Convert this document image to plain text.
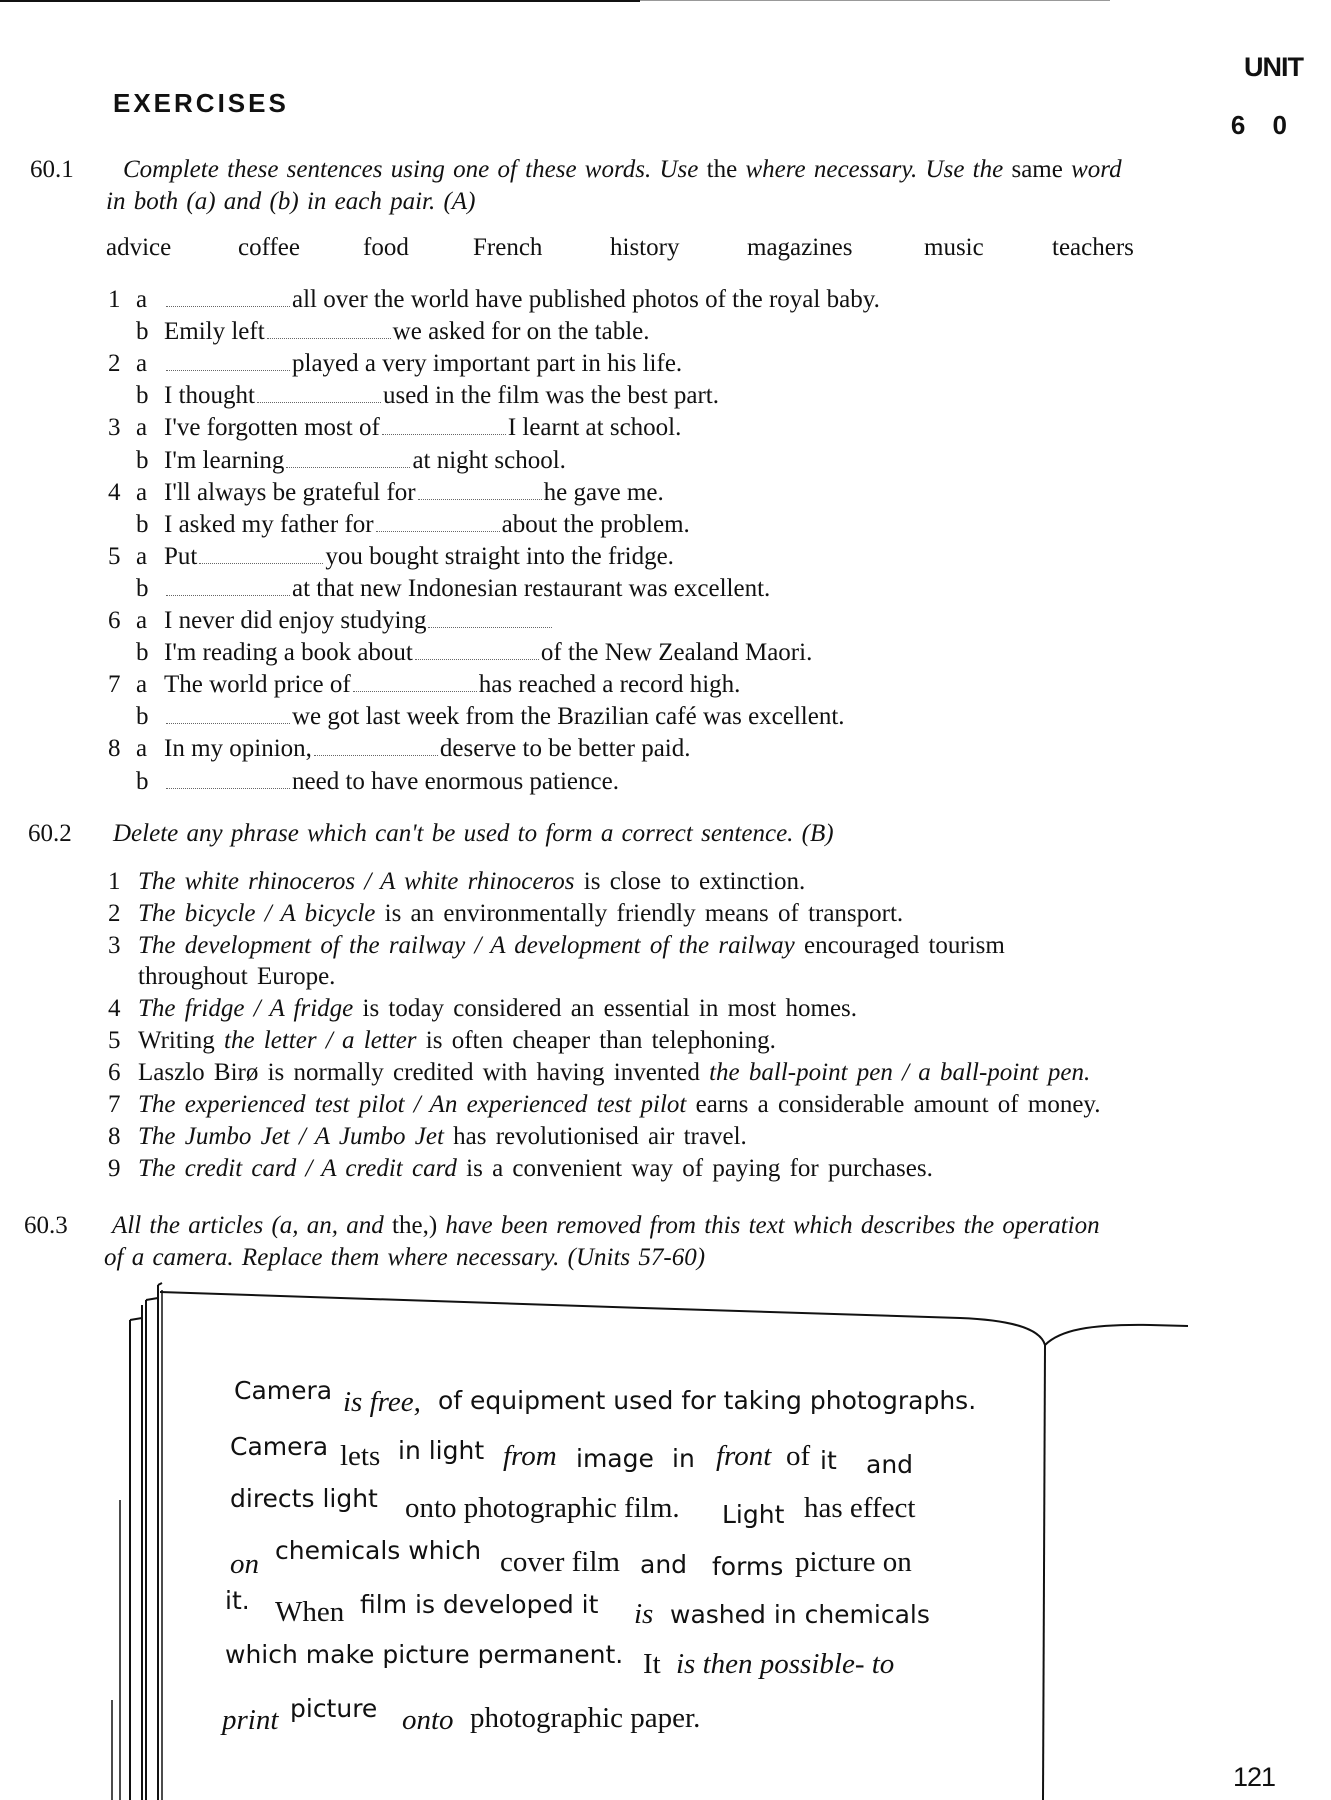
UNIT
6 0
EXERCISES
60.1 Complete these sentences using one of these words. Use the where necessary. Use the same word
in both (a) and (b) in each pair. (A)
advice	coffee	food	French	history	magazines	music	teachers
1 a	all over the world have published photos of the royal baby.
b Emily left	we asked for on the table.
2 a	played a very important part in his life.
b I thought	used in the film was the best part.
3 a I've forgotten most of	I learnt at school.
b I'm learning	at night school.
4 a I'll always be grateful for	he gave me.
b I asked my father for	about the problem.
5 a Put	you bought straight into the fridge.
b	at that new Indonesian restaurant was excellent.
6 a I never did enjoy studying
b I'm reading a book about	of the New Zealand Maori.
7 a The world price of	has reached a record high.
b	we got last week from the Brazilian café was excellent.
8 a In my opinion,	deserve to be better paid.
b	need to have enormous patience.
60.2 Delete any phrase which can't be used to form a correct sentence. (B)
1 The white rhinoceros / A white rhinoceros is close to extinction.
2 The bicycle / A bicycle is an environmentally friendly means of transport.
3 The development of the railway / A development of the railway encouraged tourism
throughout Europe.
4 The fridge / A fridge is today considered an essential in most homes.
5 Writing the letter / a letter is often cheaper than telephoning.
6 Laszlo Birø is normally credited with having invented the ball-point pen / a ball-point pen.
7 The experienced test pilot / An experienced test pilot earns a considerable amount of money.
8 The Jumbo Jet / A Jumbo Jet has revolutionised air travel.
9 The credit card / A credit card is a convenient way of paying for purchases.
60.3 All the articles (a, an, and the,) have been removed from this text which describes the operation
of a camera. Replace them where necessary. (Units 57-60)
Camera is free, of equipment used for taking photographs.
Camera lets in light from image in front of it and
directs light onto photographic film. Light has effect
on chemicals which cover film and forms picture on
it. When film is developed it is washed in chemicals
which make picture permanent. It is then possible- to
print picture onto photographic paper.
121
